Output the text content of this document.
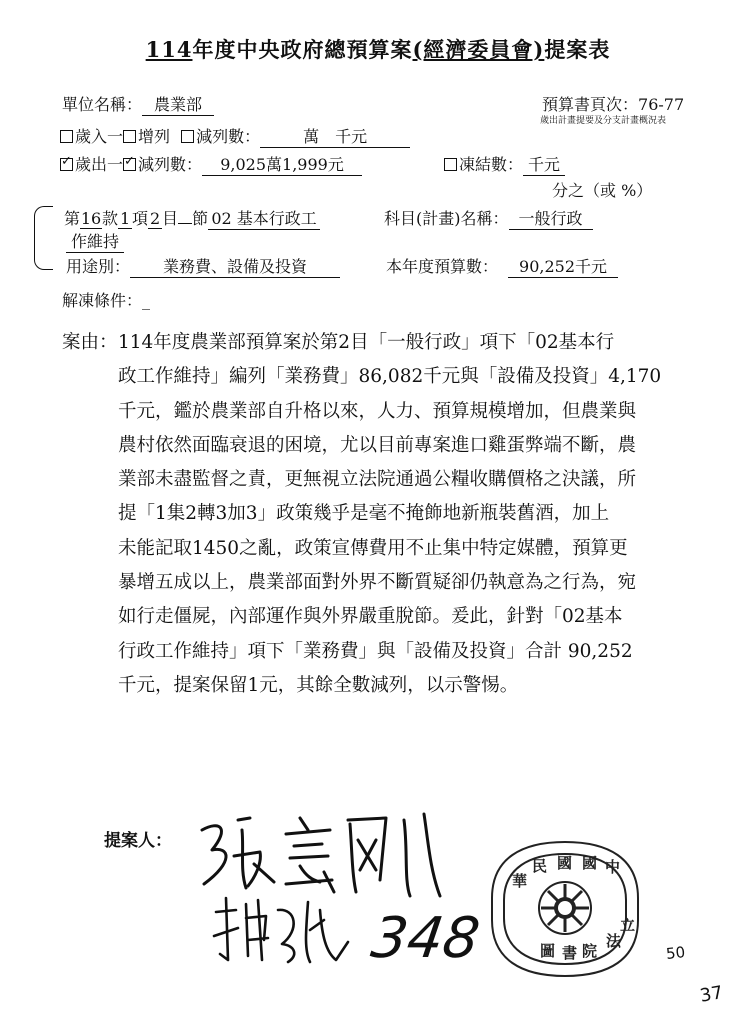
114年度中央政府總預算案(經濟委員會)提案表
單位名稱： 農業部	預算書頁次：76-77
歲出計畫提要及分支計畫概況表
歲入一 增列 減列數：	萬　千元
✓歲出一✓ 減列數： 9,025萬1,999元	凍結數： 千元
分之（或 %）
第16款 1 項 2 目 節 02 基本行政工	科目(計畫)名稱： 一般行政
作維持
用途別： 業務費、設備及投資	本年度預算數： 90,252千元
解凍條件：_
案由： 114年度農業部預算案於第2目「一般行政」項下「02基本行
政工作維持」編列「業務費」86,082千元與「設備及投資」4,170
千元，鑑於農業部自升格以來，人力、預算規模增加，但農業與
農村依然面臨衰退的困境，尤以目前專案進口雞蛋弊端不斷，農
業部未盡監督之責，更無視立法院通過公糧收購價格之決議，所
提「1集2轉3加3」政策幾乎是毫不掩飾地新瓶裝舊酒，加上
未能記取1450之亂，政策宣傳費用不止集中特定媒體，預算更
暴增五成以上，農業部面對外界不斷質疑卻仍執意為之行為，宛
如行走僵屍，內部運作與外界嚴重脫節。爰此，針對「02基本
行政工作維持」項下「業務費」與「設備及投資」合計 90,252
千元，提案保留1元，其餘全數減列，以示警惕。
提案人：
348
民 國 國 中
華
圖 書 院
法
立
50
37
